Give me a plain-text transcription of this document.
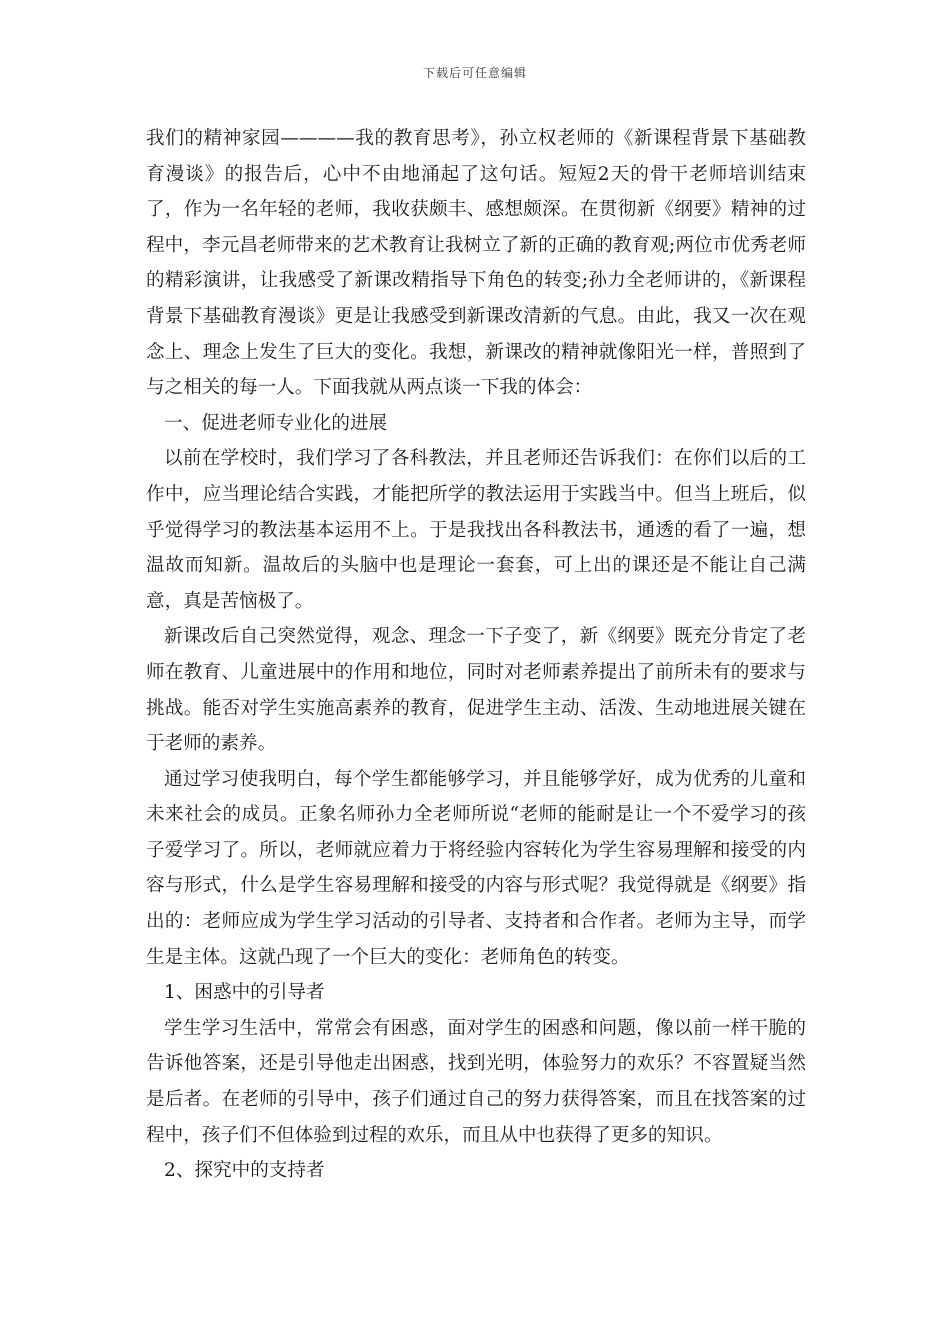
下载后可任意编辑

我们的精神家园————我的教育思考》，孙立权老师的《新课程背景下基础教育漫谈》的报告后，心中不由地涌起了这句话。短短2天的骨干老师培训结束了，作为一名年轻的老师，我收获颇丰、感想颇深。在贯彻新《纲要》精神的过程中，李元昌老师带来的艺术教育让我树立了新的正确的教育观;两位市优秀老师的精彩演讲，让我感受了新课改精指导下角色的转变;孙力全老师讲的，《新课程背景下基础教育漫谈》更是让我感受到新课改清新的气息。由此，我又一次在观念上、理念上发生了巨大的变化。我想，新课改的精神就像阳光一样，普照到了与之相关的每一人。下面我就从两点谈一下我的体会：

一、促进老师专业化的进展

以前在学校时，我们学习了各科教法，并且老师还告诉我们：在你们以后的工作中，应当理论结合实践，才能把所学的教法运用于实践当中。但当上班后，似乎觉得学习的教法基本运用不上。于是我找出各科教法书，通透的看了一遍，想温故而知新。温故后的头脑中也是理论一套套，可上出的课还是不能让自己满意，真是苦恼极了。

新课改后自己突然觉得，观念、理念一下子变了，新《纲要》既充分肯定了老师在教育、儿童进展中的作用和地位，同时对老师素养提出了前所未有的要求与挑战。能否对学生实施高素养的教育，促进学生主动、活泼、生动地进展关键在于老师的素养。

通过学习使我明白，每个学生都能够学习，并且能够学好，成为优秀的儿童和未来社会的成员。正象名师孙力全老师所说“老师的能耐是让一个不爱学习的孩子爱学习了。所以，老师就应着力于将经验内容转化为学生容易理解和接受的内容与形式，什么是学生容易理解和接受的内容与形式呢？我觉得就是《纲要》指出的：老师应成为学生学习活动的引导者、支持者和合作者。老师为主导，而学生是主体。这就凸现了一个巨大的变化：老师角色的转变。

1、困惑中的引导者

学生学习生活中，常常会有困惑，面对学生的困惑和问题，像以前一样干脆的告诉他答案，还是引导他走出困惑，找到光明，体验努力的欢乐？不容置疑当然是后者。在老师的引导中，孩子们通过自己的努力获得答案，而且在找答案的过程中，孩子们不但体验到过程的欢乐，而且从中也获得了更多的知识。

2、探究中的支持者
